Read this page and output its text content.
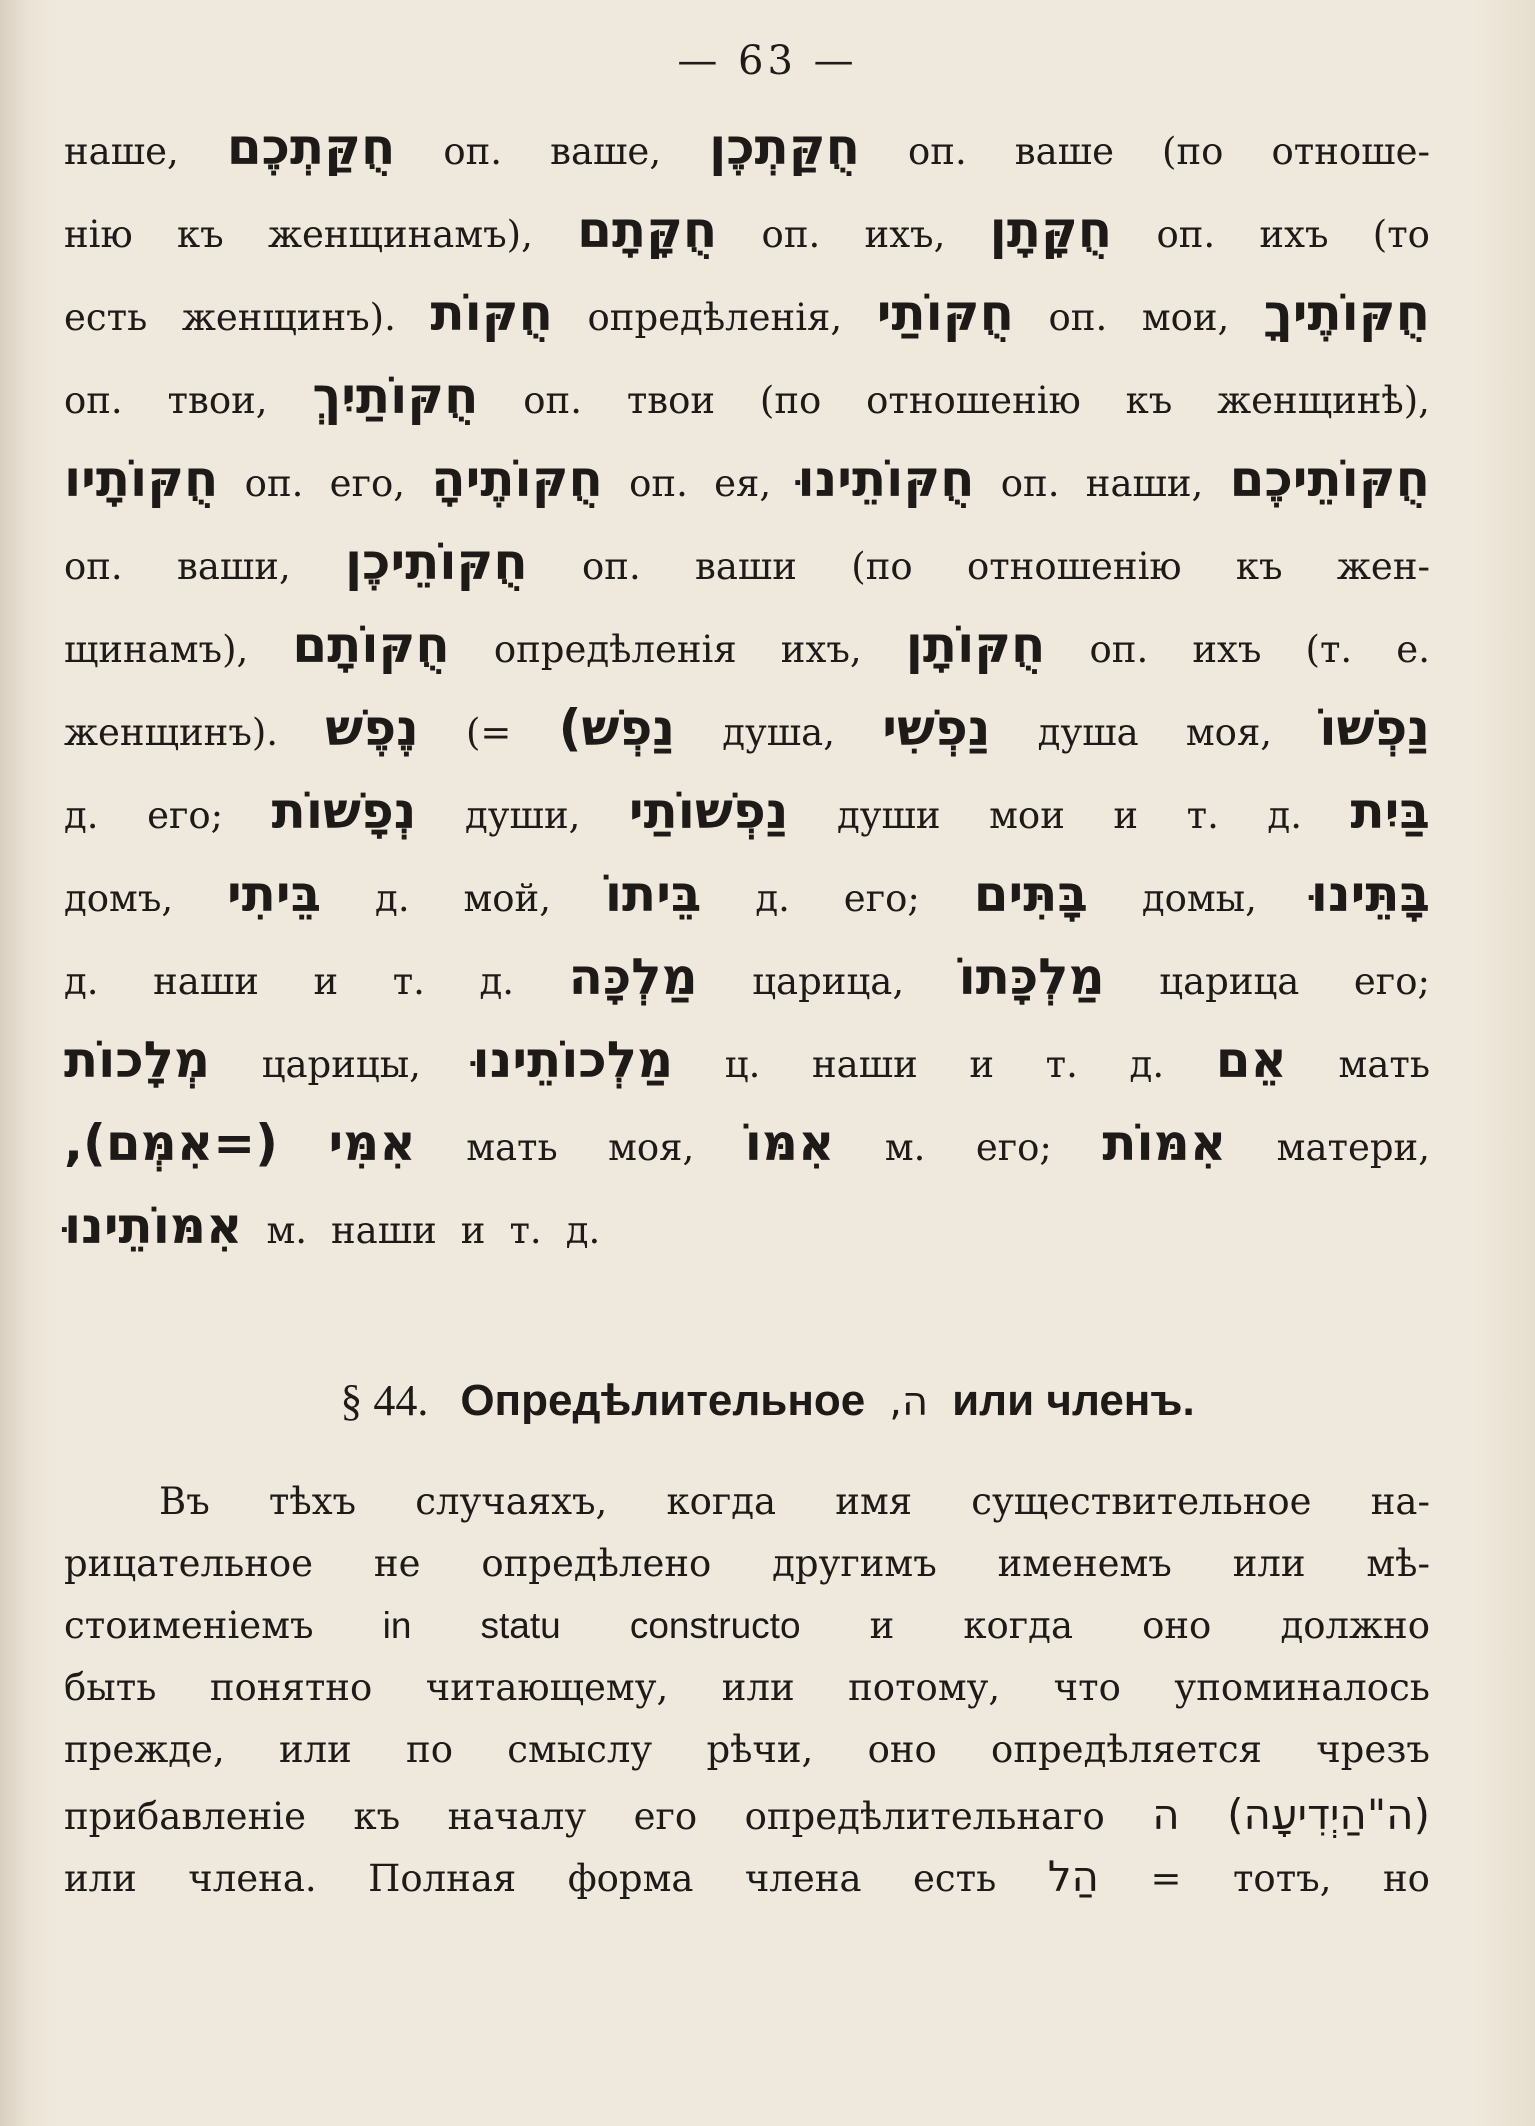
— 63 —
наше, חֻקַּתְכֶם оп. ваше, חֻקַּתְכֶן оп. ваше (по отноше-
нію къ женщинамъ), חֻקָּתָם оп. ихъ, חֻקָּתָן оп. ихъ (то
есть женщинъ). חֻקּוֹת опредѣленія, חֻקּוֹתַי оп. мои, חֻקּוֹתֶיךָ
оп. твои, חֻקּוֹתַיִךְ оп. твои (по отношенію къ женщинѣ),
חֻקּוֹתָיו оп. его, חֻקּוֹתֶיהָ оп. ея, חֻקּוֹתֵינוּ оп. наши, חֻקּוֹתֵיכֶם
оп. ваши, חֻקּוֹתֵיכֶן оп. ваши (по отношенію къ жен-
щинамъ), חֻקּוֹתָם опредѣленія ихъ, חֻקּוֹתָן оп. ихъ (т. е.
женщинъ). נֶפֶשׁ (= נַפְשׁ) душа, נַפְשִׁי душа моя, נַפְשׁוֹ
д. его; נְפָשׁוֹת души, נַפְשׁוֹתַי души мои и т. д. בַּיִת
домъ, בֵּיתִי д. мой, בֵּיתוֹ д. его; בָּתִּים домы, בָּתֵּינוּ
д. наши и т. д. מַלְכָּה царица, מַלְכָּתוֹ царица его;
מְלָכוֹת царицы, מַלְכוֹתֵינוּ ц. наши и т. д. אֵם мать
(=אִמְּם), אִמִּי мать моя, אִמּוֹ м. его; אִמּוֹת матери,
אִמּוֹתֵינוּ м. наши и т. д.
§ 44. Опредѣлительное ה, или членъ.
Въ тѣхъ случаяхъ, когда имя существительное на-
рицательное не опредѣлено другимъ именемъ или мѣ-
стоименіемъ in statu constructo и когда оно должно
быть понятно читающему, или потому, что упоминалось
прежде, или по смыслу рѣчи, оно опредѣляется чрезъ
прибавленіе къ началу его опредѣлительнаго ה (ה"הַיְדִיעָה)
или члена. Полная форма члена есть הַל = тотъ, но
